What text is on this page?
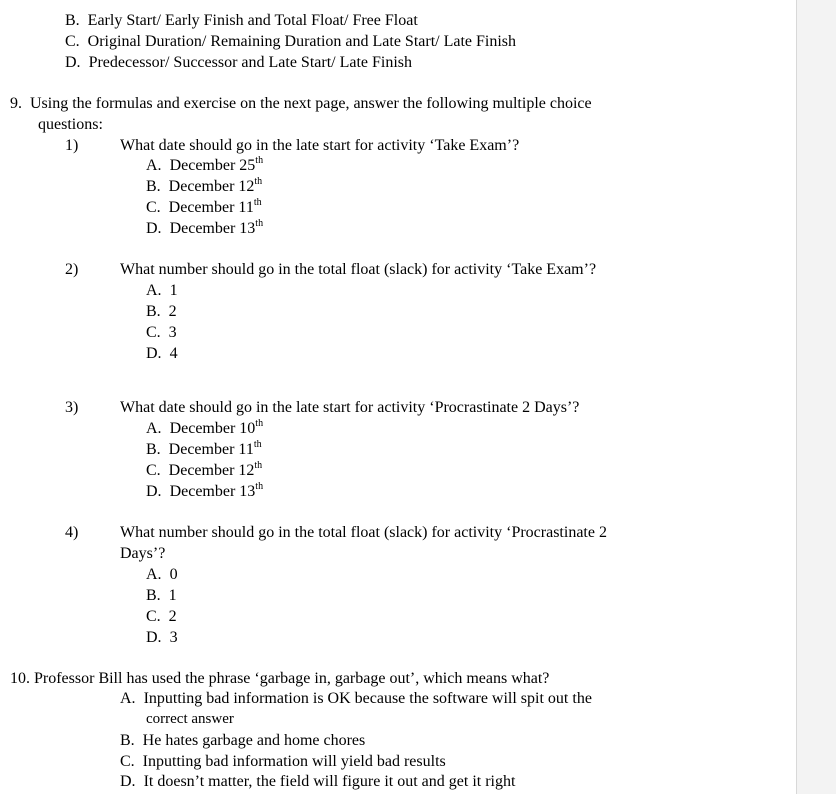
B. Early Start/ Early Finish and Total Float/ Free Float
C. Original Duration/ Remaining Duration and Late Start/ Late Finish
D. Predecessor/ Successor and Late Start/ Late Finish
9. Using the formulas and exercise on the next page, answer the following multiple choice
questions:
1)	What date should go in the late start for activity ‘Take Exam’?
A. December 25th
B. December 12th
C. December 11th
D. December 13th
2)	What number should go in the total float (slack) for activity ‘Take Exam’?
A. 1
B. 2
C. 3
D. 4
3)	What date should go in the late start for activity ‘Procrastinate 2 Days’?
A. December 10th
B. December 11th
C. December 12th
D. December 13th
4)	What number should go in the total float (slack) for activity ‘Procrastinate 2
Days’?
A. 0
B. 1
C. 2
D. 3
10. Professor Bill has used the phrase ‘garbage in, garbage out’, which means what?
A. Inputting bad information is OK because the software will spit out the
correct answer
B. He hates garbage and home chores
C. Inputting bad information will yield bad results
D. It doesn’t matter, the field will figure it out and get it right
